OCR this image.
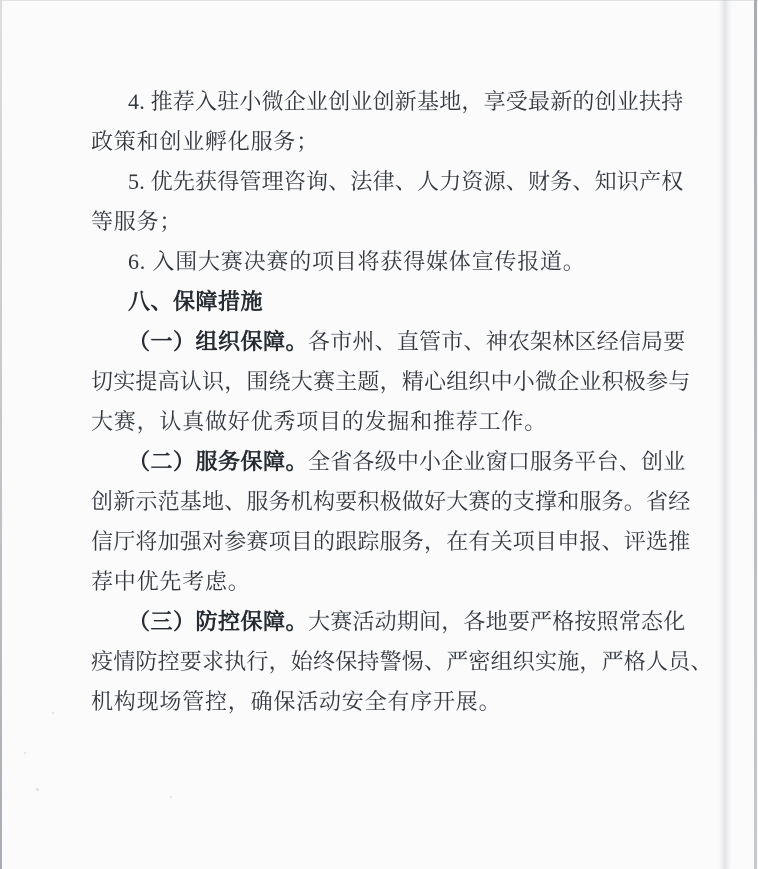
4. 推荐入驻小微企业创业创新基地，享受最新的创业扶持
政策和创业孵化服务；
5. 优先获得管理咨询、法律、人力资源、财务、知识产权
等服务；
6. 入围大赛决赛的项目将获得媒体宣传报道。
八、保障措施
（一）组织保障。各市州、直管市、神农架林区经信局要
切实提高认识，围绕大赛主题，精心组织中小微企业积极参与
大赛，认真做好优秀项目的发掘和推荐工作。
（二）服务保障。全省各级中小企业窗口服务平台、创业
创新示范基地、服务机构要积极做好大赛的支撑和服务。省经
信厅将加强对参赛项目的跟踪服务，在有关项目申报、评选推
荐中优先考虑。
（三）防控保障。大赛活动期间，各地要严格按照常态化
疫情防控要求执行，始终保持警惕、严密组织实施，严格人员、
机构现场管控，确保活动安全有序开展。
